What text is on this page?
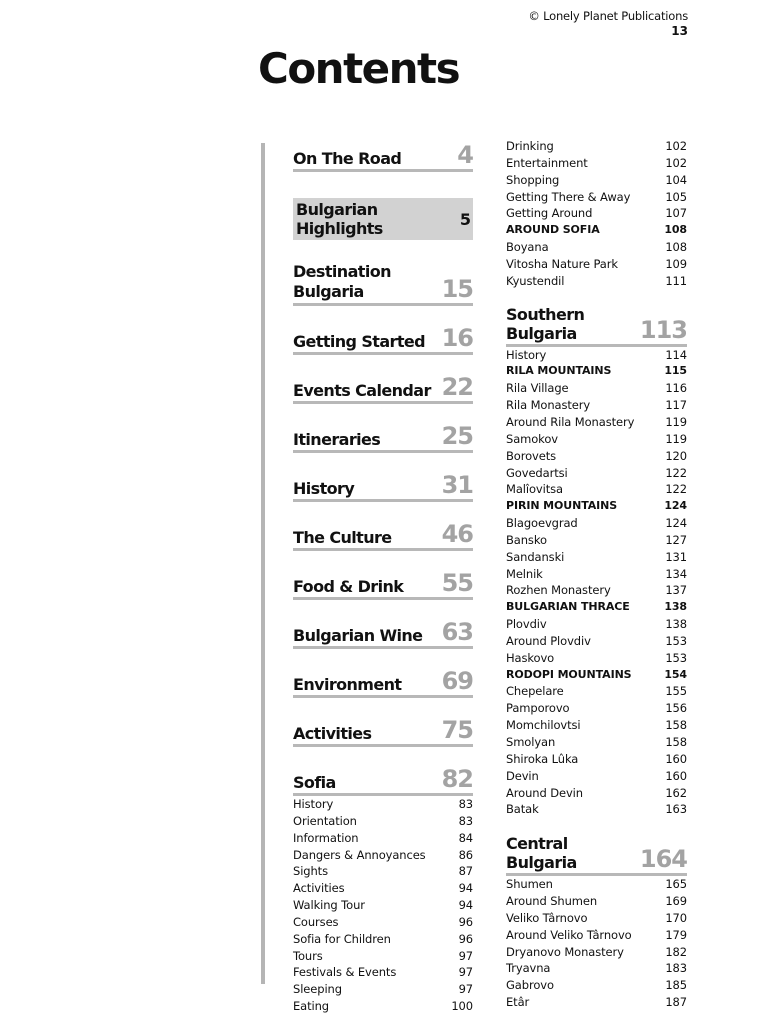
© Lonely Planet Publications
13
Contents
On The Road 4
Bulgarian Highlights	5
Destination Bulgaria	15
Getting Started 16
Events Calendar 22
Itineraries	25
History	31
The Culture 46
Food & Drink 55
Bulgarian Wine 63
Environment 69
Activities	75
Sofia	82
History	83
Orientation	83
Information	84
Dangers & Annoyances	86
Sights	87
Activities	94
Walking Tour	94
Courses	96
Sofia for Children	96
Tours	97
Festivals & Events	97
Sleeping	97
Eating	100
Drinking	102
Entertainment	102
Shopping	104
Getting There & Away	105
Getting Around	107
AROUND SOFIA	108
Boyana	108
Vitosha Nature Park	109
Kyustendil	111
Southern Bulgaria	113
History	114
RILA MOUNTAINS	115
Rila Village	116
Rila Monastery	117
Around Rila Monastery	119
Samokov	119
Borovets	120
Govedartsi	122
Malîovitsa	122
PIRIN MOUNTAINS	124
Blagoevgrad	124
Bansko	127
Sandanski	131
Melnik	134
Rozhen Monastery	137
BULGARIAN THRACE	138
Plovdiv	138
Around Plovdiv	153
Haskovo	153
RODOPI MOUNTAINS	154
Chepelare	155
Pamporovo	156
Momchilovtsi	158
Smolyan	158
Shiroka Lûka	160
Devin	160
Around Devin	162
Batak	163
Central Bulgaria	164
Shumen	165
Around Shumen	169
Veliko Târnovo	170
Around Veliko Târnovo	179
Dryanovo Monastery	182
Tryavna	183
Gabrovo	185
Etâr	187
